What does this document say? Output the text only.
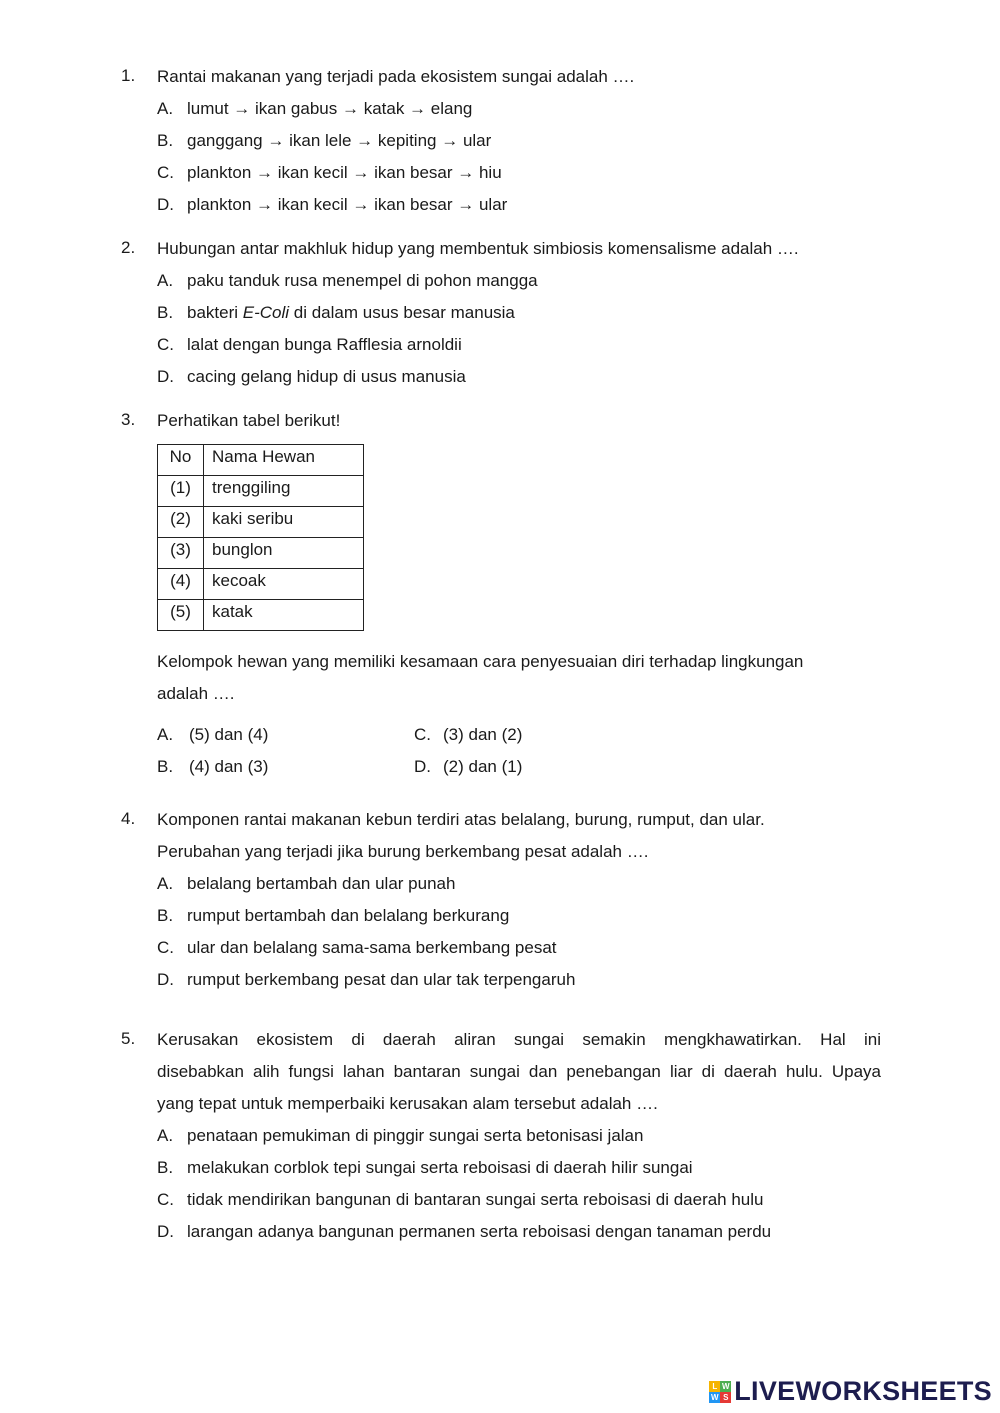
1. Rantai makanan yang terjadi pada ekosistem sungai adalah ….
A. lumut → ikan gabus → katak → elang
B. ganggang → ikan lele → kepiting → ular
C. plankton → ikan kecil → ikan besar → hiu
D. plankton → ikan kecil → ikan besar → ular
2. Hubungan antar makhluk hidup yang membentuk simbiosis komensalisme adalah ….
A. paku tanduk rusa menempel di pohon mangga
B. bakteri E-Coli di dalam usus besar manusia
C. lalat dengan bunga Rafflesia arnoldii
D. cacing gelang hidup di usus manusia
3. Perhatikan tabel berikut!
No	Nama Hewan
(1)	trenggiling
(2)	kaki seribu
(3)	bunglon
(4)	kecoak
(5)	katak
Kelompok hewan yang memiliki kesamaan cara penyesuaian diri terhadap lingkungan
adalah ….
A. (5) dan (4)	C. (3) dan (2)
B. (4) dan (3)	D. (2) dan (1)
4. Komponen rantai makanan kebun terdiri atas belalang, burung, rumput, dan ular.
Perubahan yang terjadi jika burung berkembang pesat adalah ….
A. belalang bertambah dan ular punah
B. rumput bertambah dan belalang berkurang
C. ular dan belalang sama-sama berkembang pesat
D. rumput berkembang pesat dan ular tak terpengaruh
5. Kerusakan ekosistem di daerah aliran sungai semakin mengkhawatirkan. Hal ini
disebabkan alih fungsi lahan bantaran sungai dan penebangan liar di daerah hulu. Upaya
yang tepat untuk memperbaiki kerusakan alam tersebut adalah ….
A. penataan pemukiman di pinggir sungai serta betonisasi jalan
B. melakukan corblok tepi sungai serta reboisasi di daerah hilir sungai
C. tidak mendirikan bangunan di bantaran sungai serta reboisasi di daerah hulu
D. larangan adanya bangunan permanen serta reboisasi dengan tanaman perdu
L W
W S LIVEWORKSHEETS
